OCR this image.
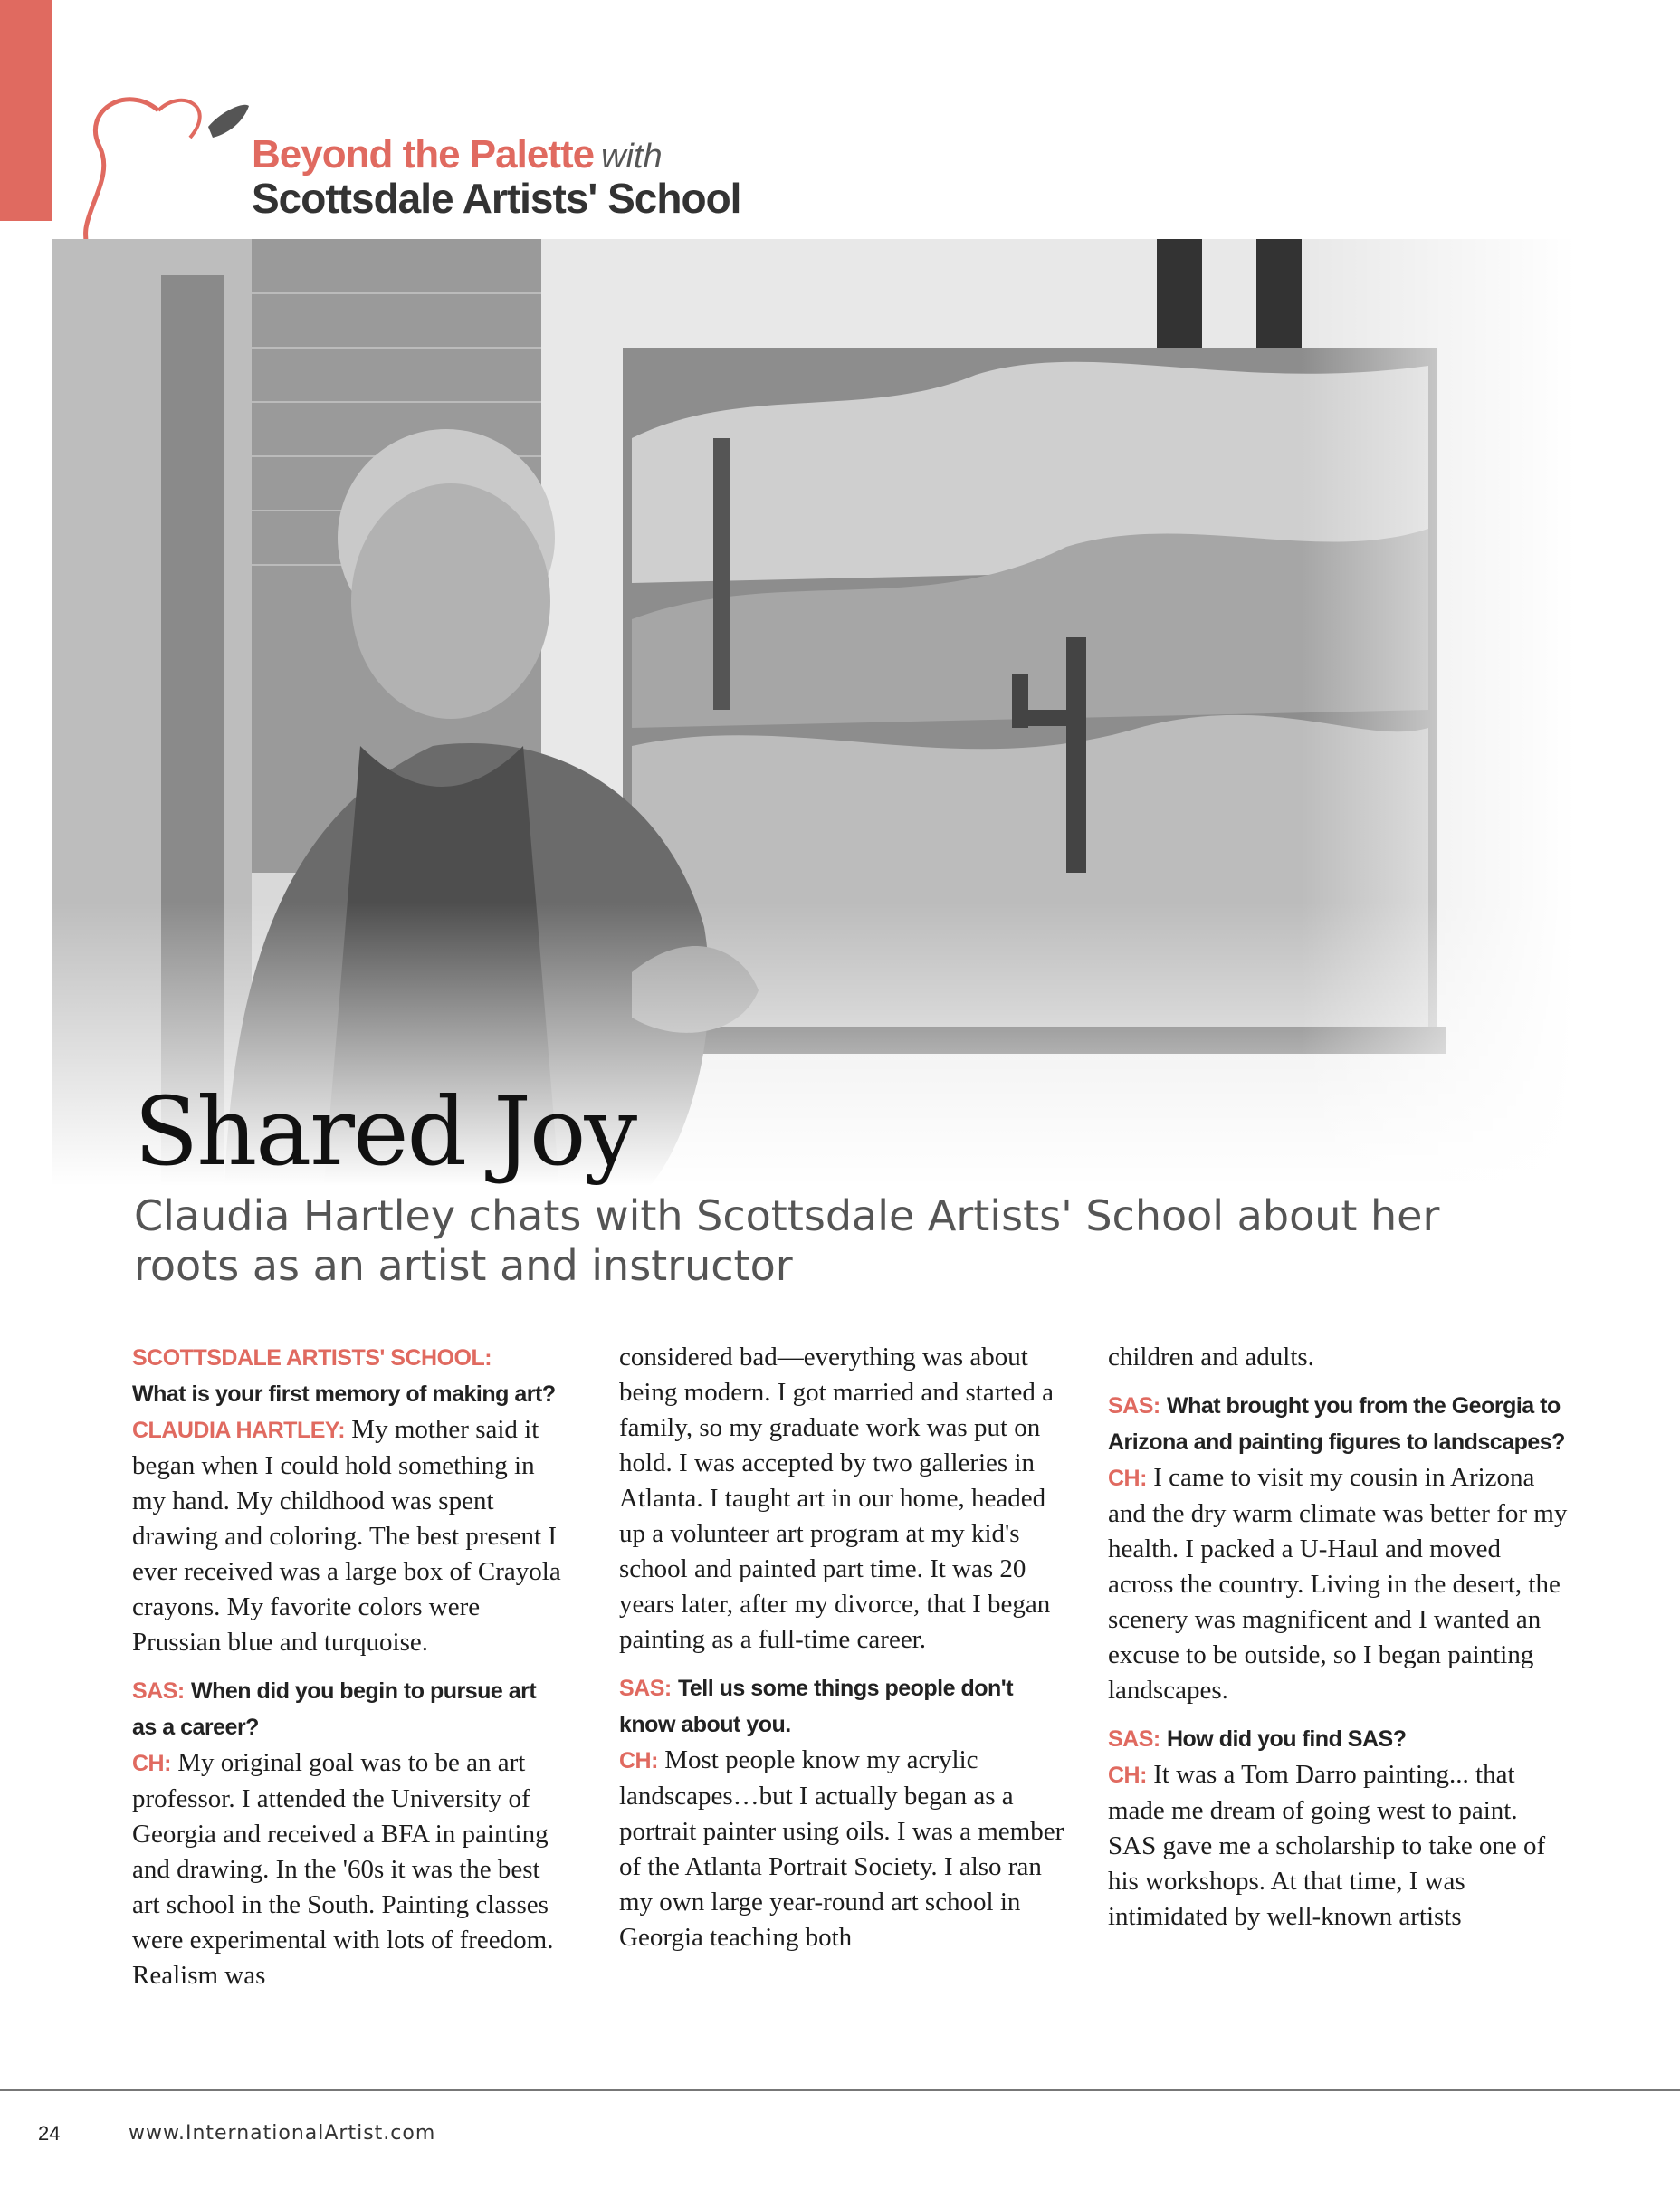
Beyond the Palette with
Scottsdale Artists' School
Shared Joy
Claudia Hartley chats with Scottsdale Artists' School about her roots as an artist and instructor

SCOTTSDALE ARTISTS' SCHOOL:
What is your first memory of making art?
CLAUDIA HARTLEY: My mother said it began when I could hold something in my hand. My childhood was spent drawing and coloring. The best present I ever received was a large box of Crayola crayons. My favorite colors were Prussian blue and turquoise.

SAS: When did you begin to pursue art as a career?
CH: My original goal was to be an art professor. I attended the University of Georgia and received a BFA in painting and drawing. In the '60s it was the best art school in the South. Painting classes were experimental with lots of freedom. Realism was

considered bad—everything was about being modern. I got married and started a family, so my graduate work was put on hold. I was accepted by two galleries in Atlanta. I taught art in our home, headed up a volunteer art program at my kid's school and painted part time. It was 20 years later, after my divorce, that I began painting as a full-time career.

SAS: Tell us some things people don't know about you.
CH: Most people know my acrylic landscapes…but I actually began as a portrait painter using oils. I was a member of the Atlanta Portrait Society. I also ran my own large year-round art school in Georgia teaching both

children and adults.

SAS: What brought you from the Georgia to Arizona and painting figures to landscapes?
CH: I came to visit my cousin in Arizona and the dry warm climate was better for my health. I packed a U-Haul and moved across the country. Living in the desert, the scenery was magnificent and I wanted an excuse to be outside, so I began painting landscapes.

SAS: How did you find SAS?
CH: It was a Tom Darro painting... that made me dream of going west to paint. SAS gave me a scholarship to take one of his workshops. At that time, I was intimidated by well-known artists

24	www.InternationalArtist.com
